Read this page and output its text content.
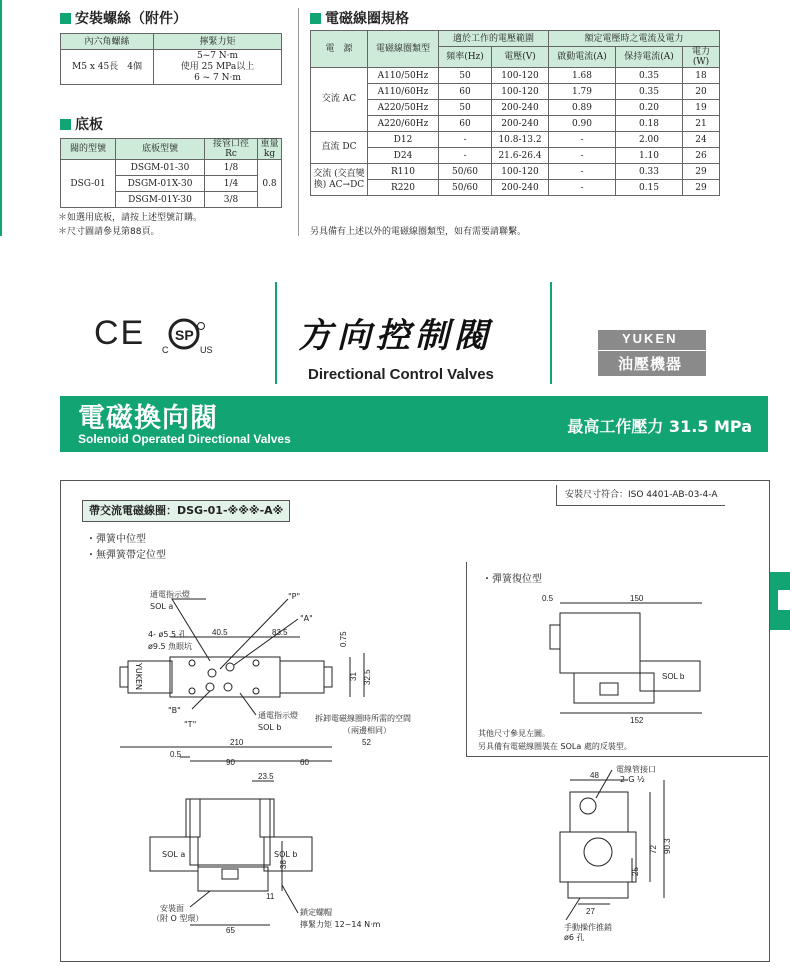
安裝螺絲（附件）
內六角螺絲	擰緊力矩
M5 x 45長　4個	5~7 N·m
使用 25 MPa以上
6 ~ 7 N·m
底板
閥的型號	底板型號	接管口徑 Rc	重量 kg
DSG-01	DSGM-01-30	1/8	0.8
	DSGM-01X-30	1/4	
	DSGM-01Y-30	3/8	
＊如選用底板，請按上述型號訂購。
＊尺寸圖請參見第88頁。
電磁線圈規格
電　源	電磁線圈類型	適於工作的電壓範圍		額定電壓時之電流及電力		
		頻率(Hz)	電壓(V)	啟動電流(A)	保持電流(A)	電力(W)
交流 AC	A110/50Hz	50	100-120	1.68	0.35	18
	A110/60Hz	60	100-120	1.79	0.35	20
	A220/50Hz	50	200-240	0.89	0.20	19
	A220/60Hz	60	200-240	0.90	0.18	21
直流 DC	D12	-	10.8-13.2	-	2.00	24
	D24	-	21.6-26.4	-	1.10	26
交流 (交直變換) AC→DC	R110	50/60	100-120	-	0.33	29
	R220	50/60	200-240	-	0.15	29
另具備有上述以外的電磁線圈類型，如有需要請聯繫。
CE SP
C	US	方向控制閥
Directional Control Valves
YUKEN
油壓機器
電磁換向閥
Solenoid Operated Directional Valves
最高工作壓力 31.5 MPa
安裝尺寸符合：ISO 4401-AB-03-4-A
帶交流電磁線圈：DSG-01-※※※-A※
・彈簧中位型
・無彈簧帶定位型
・彈簧復位型
其他尺寸參見左圖。
另具備有電磁線圈裝在 SOLa 處的反裝型。
通電指示燈
SOL a
4- ø5.5 孔
ø9.5 魚眼坑
"P"
"A"
"B"
"T"
通電指示燈
SOL b
拆卸電磁線圈時所需的空間
（兩邊相同）
安裝面
（附 O 型環）
鎖定螺帽
擰緊力矩 12~14 N·m
SOL a	SOL b
YUKEN
40.5	83.5	0.75
31 32.5
210	52
0.5
90	60
23.5
38
11
65
0.5	150
152
SOL b
48
72 90.3
25
27
電線管接口
2-G ½
手動操作推銷
ø6 孔
